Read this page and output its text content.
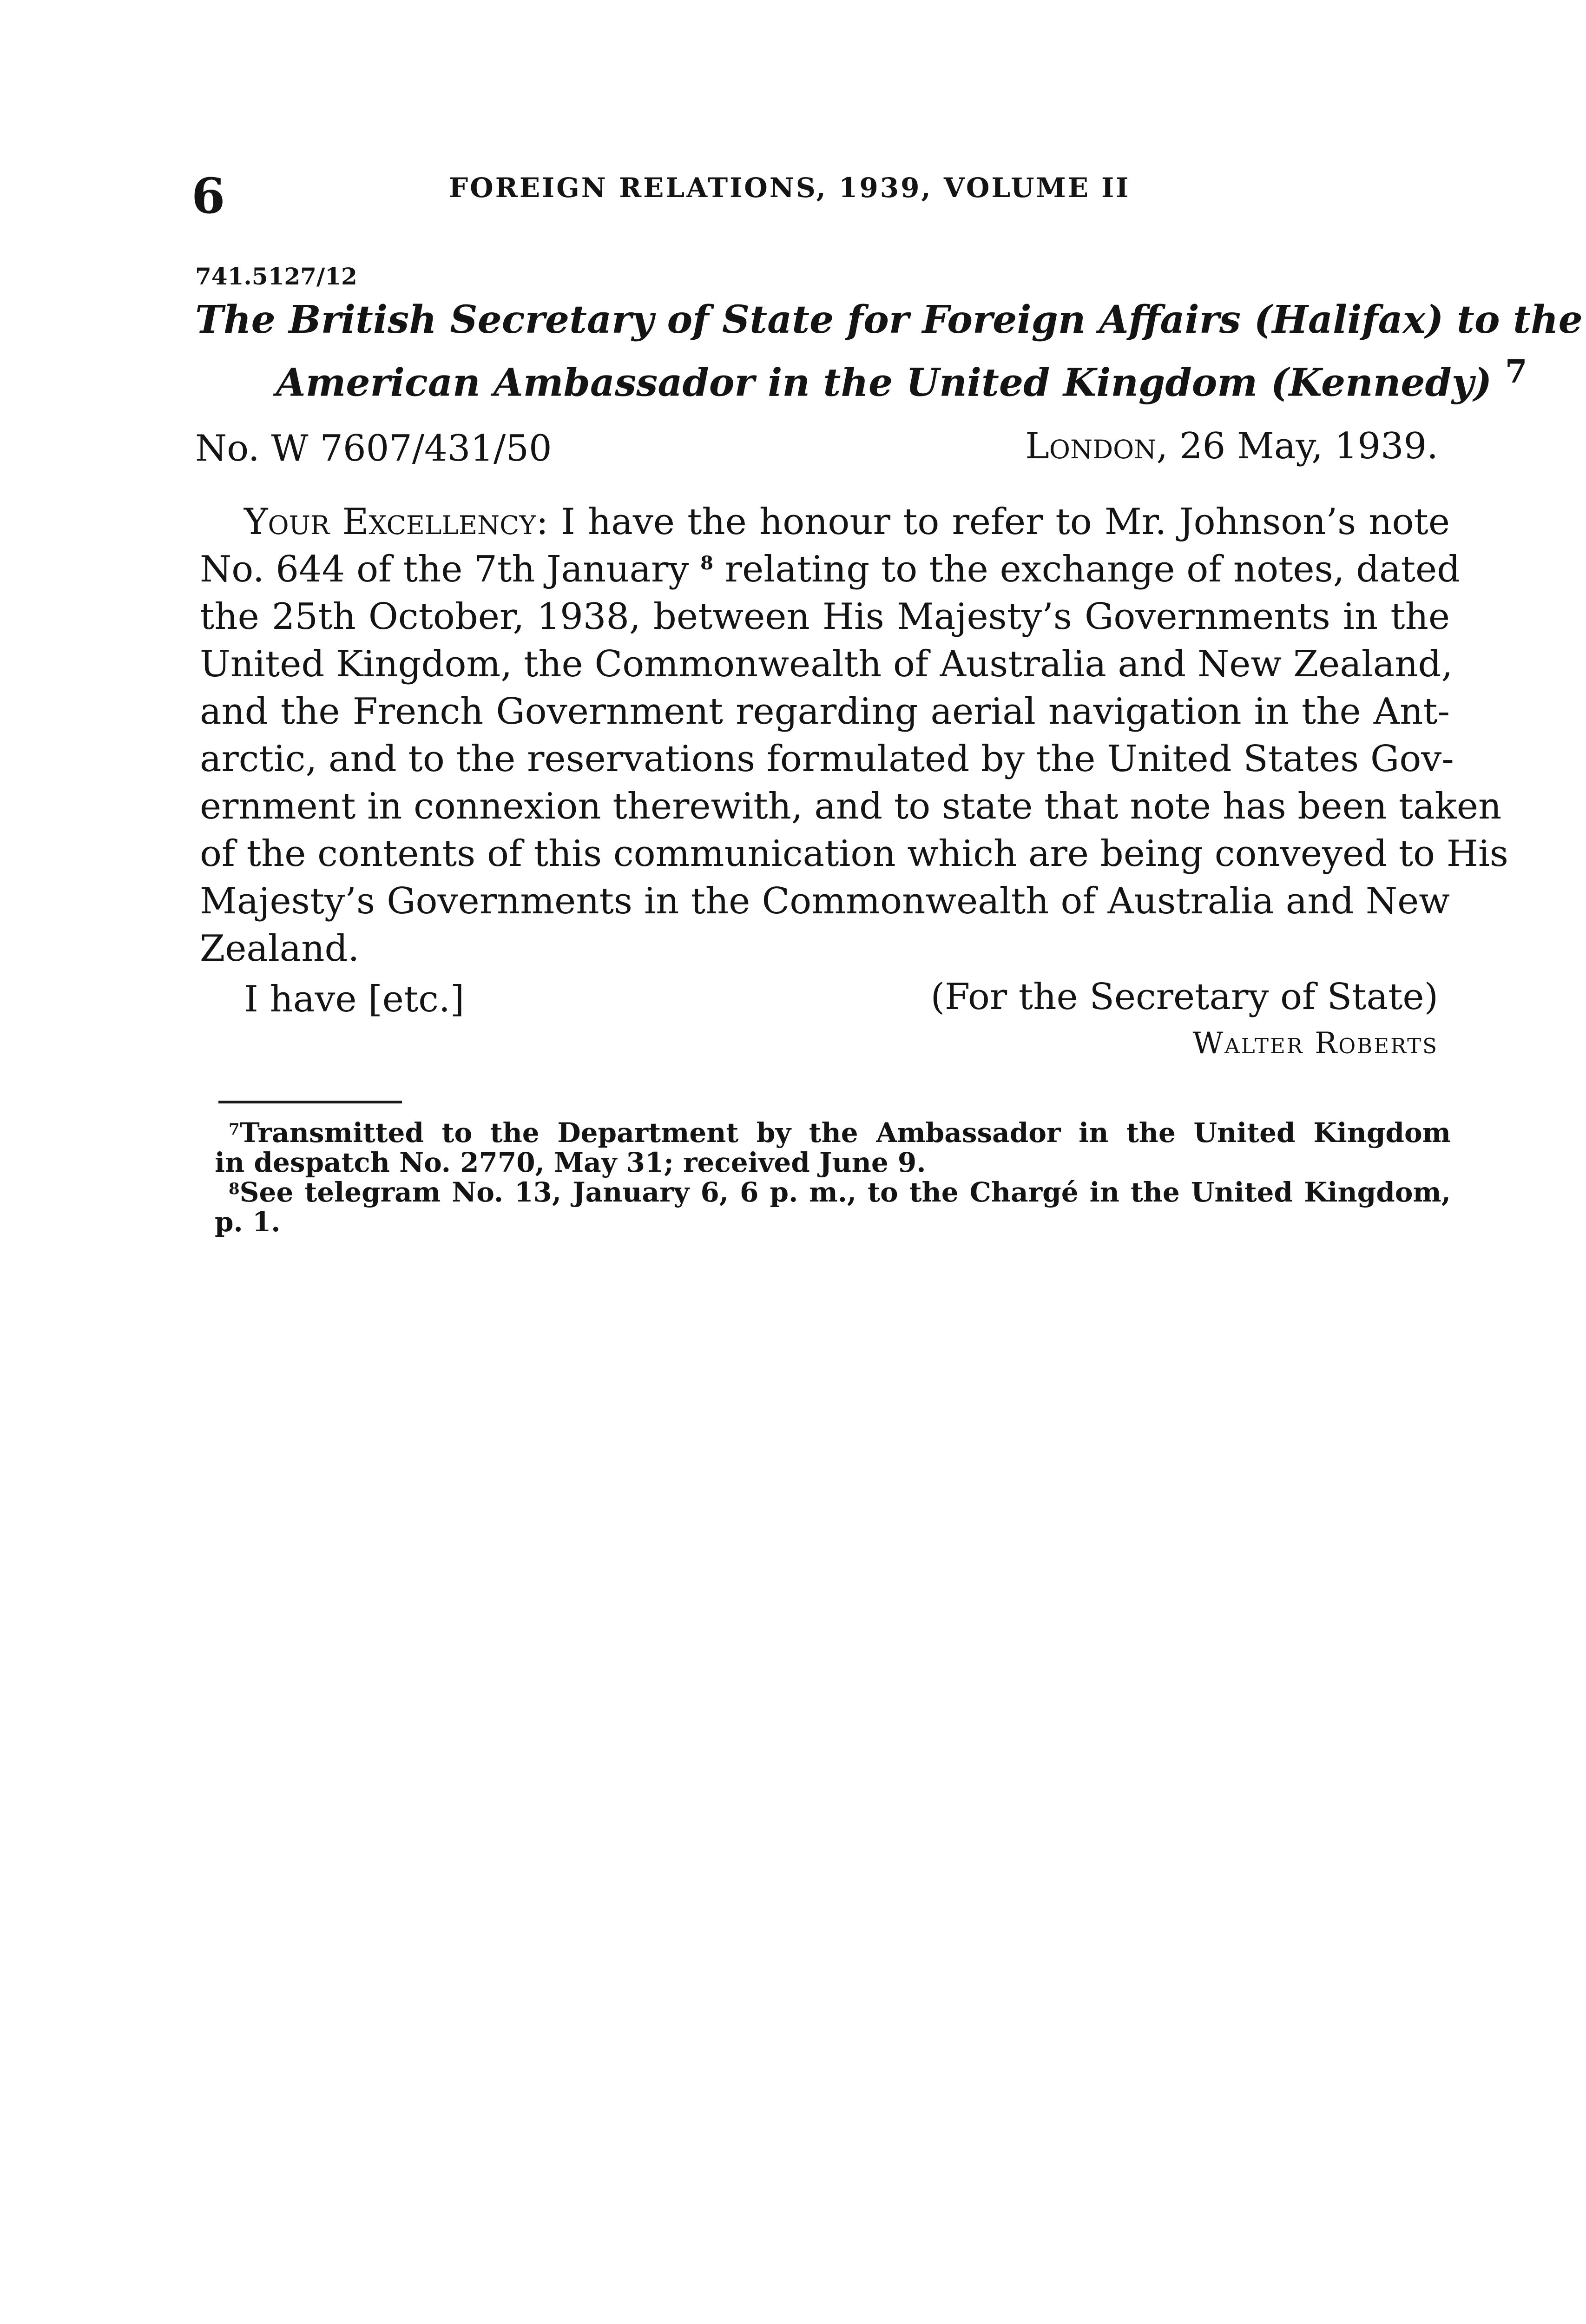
6	FOREIGN RELATIONS, 1939, VOLUME II
741.5127/12
The British Secretary of State for Foreign Affairs (Halifax) to the
American Ambassador in the United Kingdom (Kennedy) $^7$
No. W 7607/431/50	London, 26 May, 1939.
Your Excellency: I have the honour to refer to Mr. Johnson’s note
No. 644 of the 7th January $^8$ relating to the exchange of notes, dated
the 25th October, 1938, between His Majesty’s Governments in the
United Kingdom, the Commonwealth of Australia and New Zealand,
and the French Government regarding aerial navigation in the Ant-
arctic, and to the reservations formulated by the United States Gov-
ernment in connexion therewith, and to state that note has been taken
of the contents of this communication which are being conveyed to His
Majesty’s Governments in the Commonwealth of Australia and New
Zealand.
I have [etc.]	(For the Secretary of State)
Walter Roberts
$^7$Transmitted to the Department by the Ambassador in the United Kingdom
in despatch No. 2770, May 31; received June 9.
$^8$See telegram No. 13, January 6, 6 p. m., to the Chargé in the United Kingdom,
p. 1.
